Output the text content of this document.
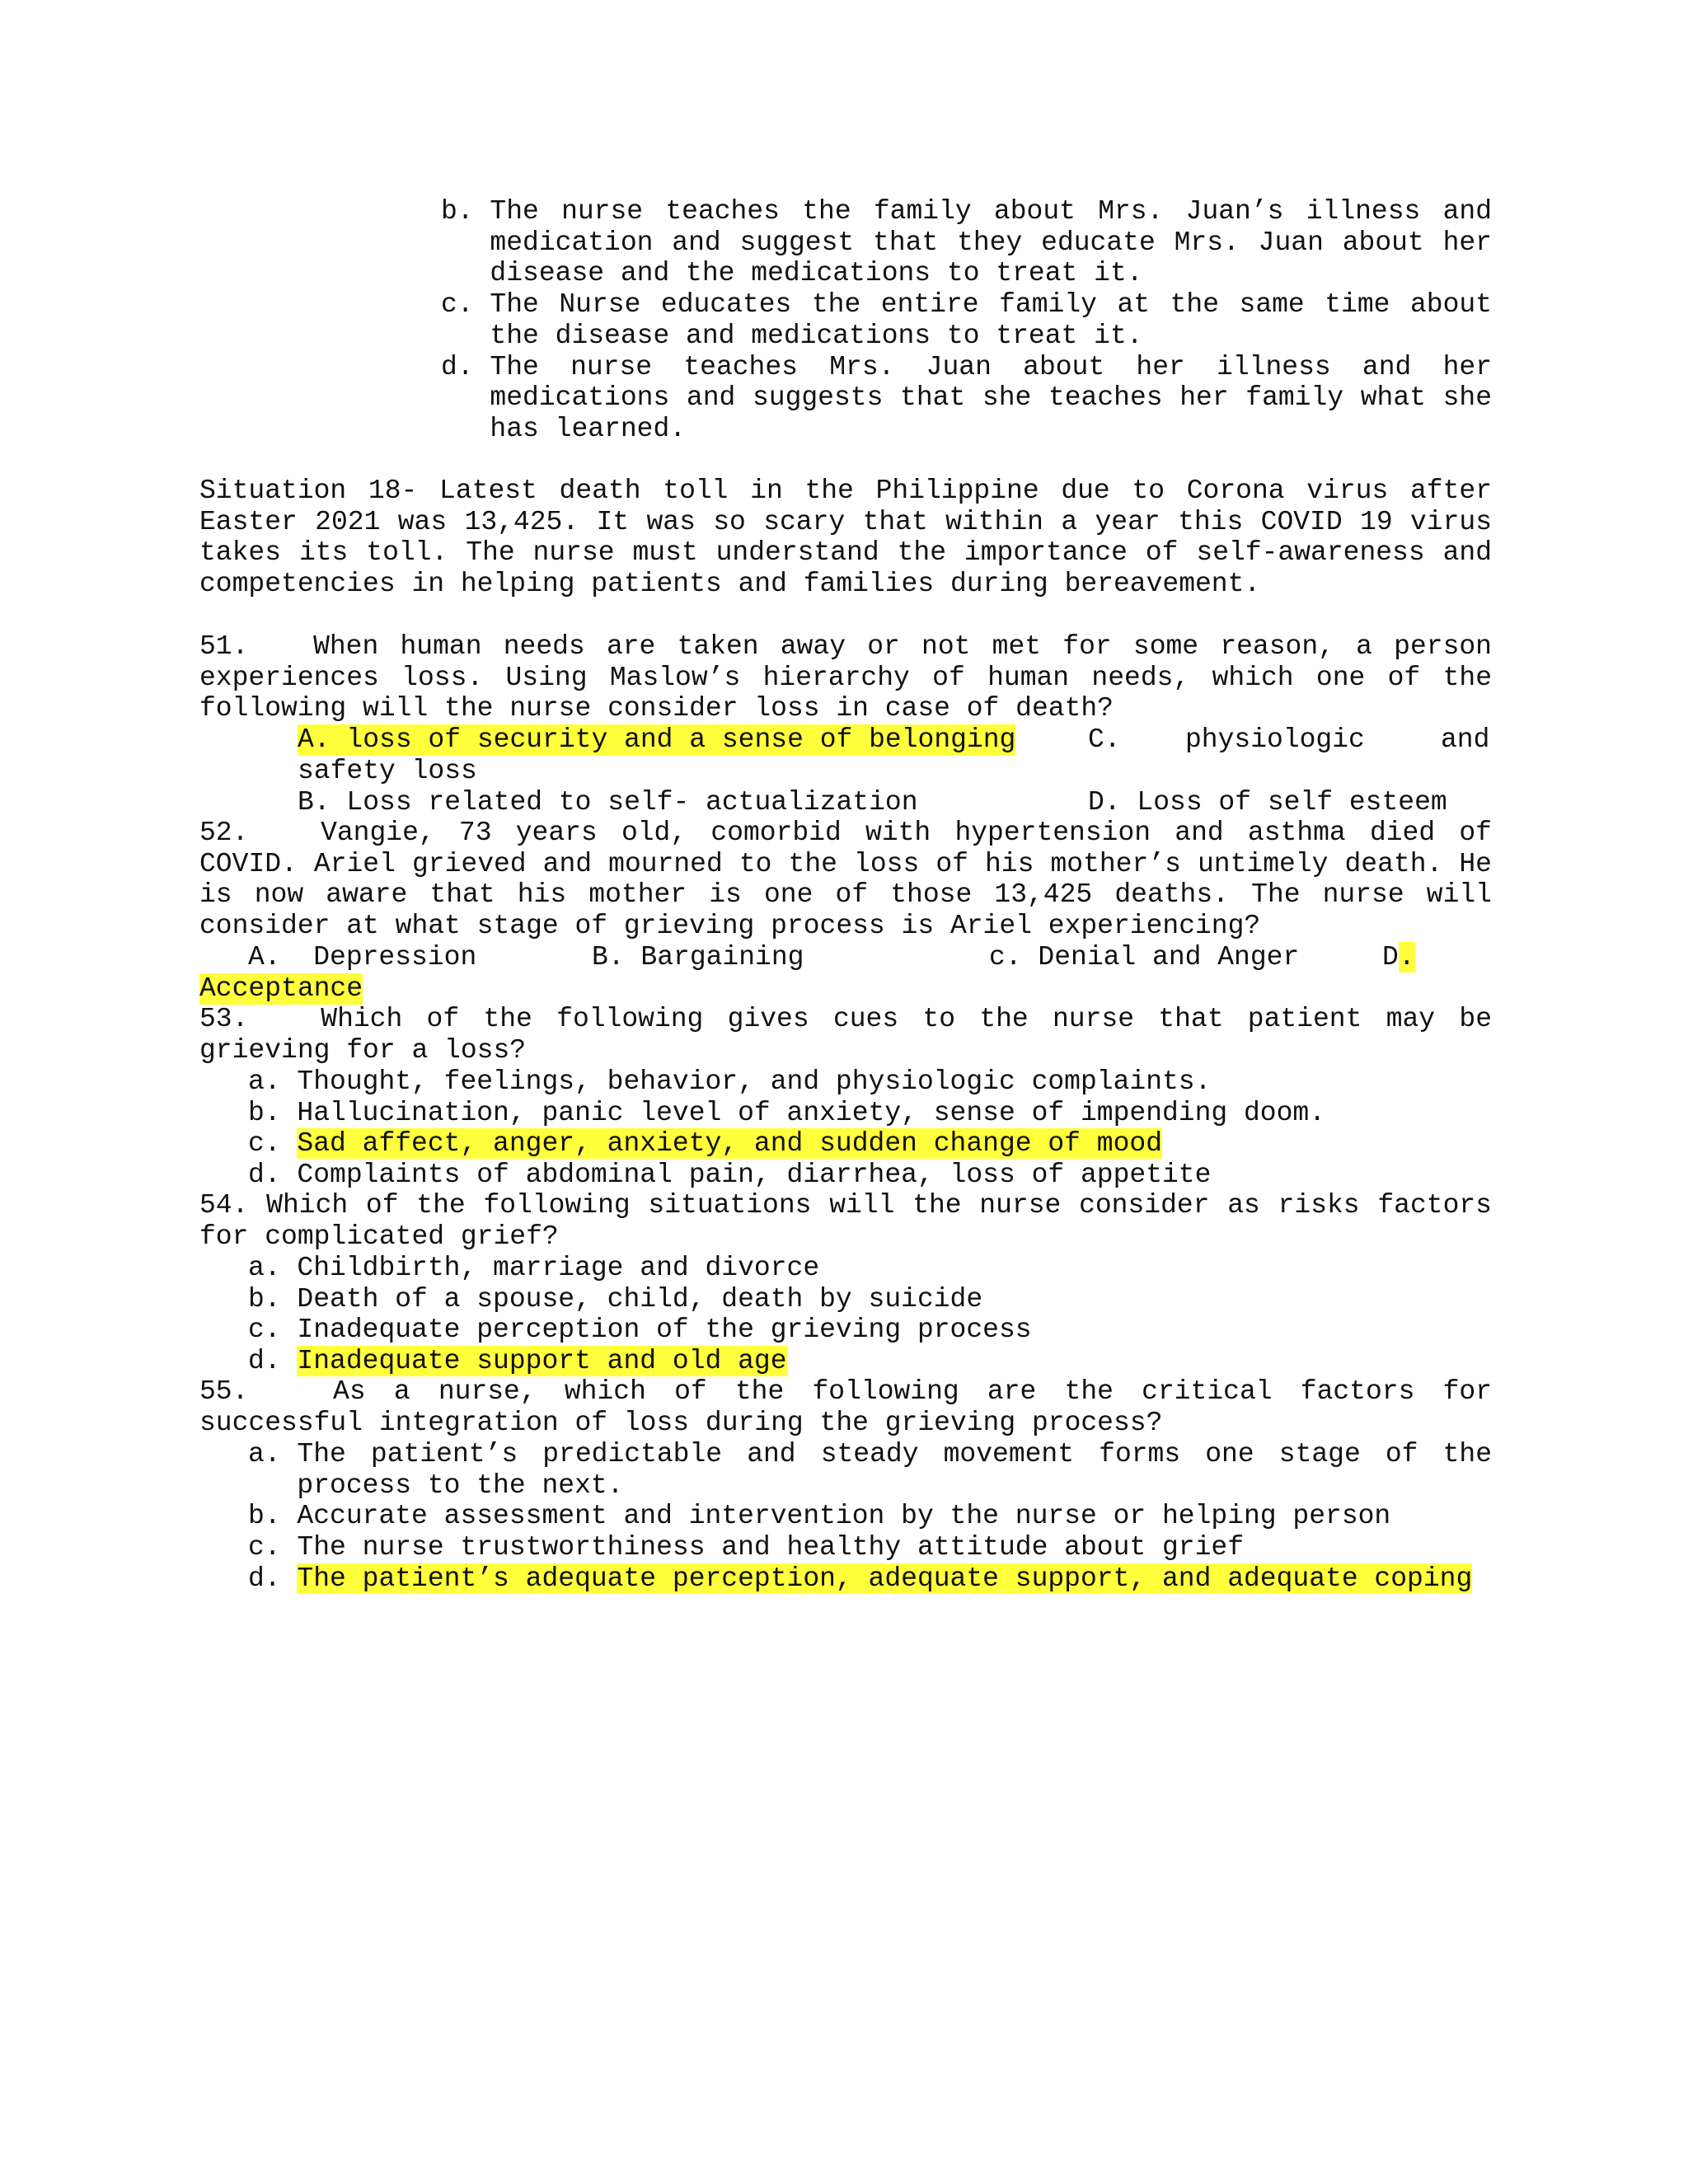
b.
The nurse teaches the family about Mrs. Juan’s illness and medication and suggest that they educate Mrs. Juan about her disease and the medications to treat it.
c.
The Nurse educates the entire family at the same time about the disease and medications to treat it.
d.
The nurse teaches Mrs. Juan about her illness and her medications and suggests that she teaches her family what she has learned.
Situation 18- Latest death toll in the Philippine due to Corona virus after Easter 2021 was 13,425. It was so scary that within a year this COVID 19 virus takes its toll. The nurse must understand the importance of self-awareness and competencies in helping patients and families during bereavement.
51. When human needs are taken away or not met for some reason, a person experiences loss. Using Maslow’s hierarchy of human needs, which one of the following will the nurse consider loss in case of death?
A. loss of security and a sense of belonging	C. physiologic	and
safety loss
B. Loss related to self- actualization	D. Loss of self esteem
52.	Vangie, 73 years old, comorbid with hypertension and asthma died of COVID. Ariel grieved and mourned to the loss of his mother’s untimely death. He is now aware that his mother is one of those 13,425 deaths. The nurse will consider at what stage of grieving process is Ariel experiencing?
A.  Depression	B. Bargaining	c. Denial and Anger	D.
Acceptance
53.	Which of the following gives cues to the nurse that patient may be grieving for a loss?
a.
Thought, feelings, behavior, and physiologic complaints.
b.
Hallucination, panic level of anxiety, sense of impending doom.
c.
Sad affect, anger, anxiety, and sudden change of mood
d.
Complaints of abdominal pain, diarrhea, loss of appetite
54. Which of the following situations will the nurse consider as risks factors for complicated grief?
a.
Childbirth, marriage and divorce
b.
Death of a spouse, child, death by suicide
c.
Inadequate perception of the grieving process
d.
Inadequate support and old age
55.	As a nurse, which of the following are the critical factors for successful integration of loss during the grieving process?
a.
The patient’s predictable and steady movement forms one stage of the process to the next.
b.
Accurate assessment and intervention by the nurse or helping person
c.
The nurse trustworthiness and healthy attitude about grief
d.
The patient’s adequate perception, adequate support, and adequate coping
